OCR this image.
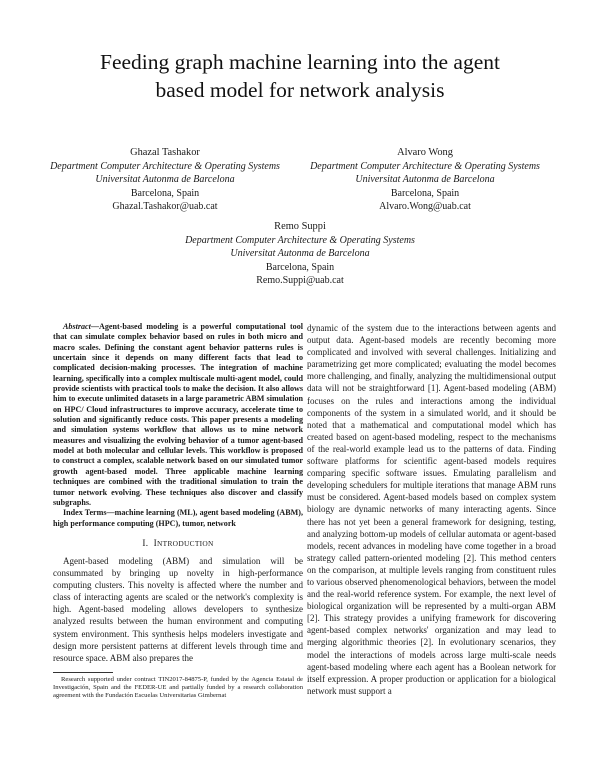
Feeding graph machine learning into the agent
based model for network analysis
Ghazal Tashakor
Department Computer Architecture & Operating Systems
Universitat Autonma de Barcelona
Barcelona, Spain
Ghazal.Tashakor@uab.cat
Alvaro Wong
Department Computer Architecture & Operating Systems
Universitat Autonma de Barcelona
Barcelona, Spain
Alvaro.Wong@uab.cat
Remo Suppi
Department Computer Architecture & Operating Systems
Universitat Autonma de Barcelona
Barcelona, Spain
Remo.Suppi@uab.cat

Abstract—Agent-based modeling is a powerful computational tool that can simulate complex behavior based on rules in both micro and macro scales. Defining the constant agent behavior patterns rules is uncertain since it depends on many different facts that lead to complicated decision-making processes. The integration of machine learning, specifically into a complex multiscale multi-agent model, could provide scientists with practical tools to make the decision. It also allows him to execute unlimited datasets in a large parametric ABM simulation on HPC/ Cloud infrastructures to improve accuracy, accelerate time to solution and significantly reduce costs. This paper presents a modeling and simulation systems workflow that allows us to mine network measures and visualizing the evolving behavior of a tumor agent-based model at both molecular and cellular levels. This workflow is proposed to construct a complex, scalable network based on our simulated tumor growth agent-based model. Three applicable machine learning techniques are combined with the traditional simulation to train the tumor network evolving. These techniques also discover and classify subgraphs.

Index Terms—machine learning (ML), agent based modeling (ABM), high performance computing (HPC), tumor, network

I. INTRODUCTION

Agent-based modeling (ABM) and simulation will be consummated by bringing up novelty in high-performance computing clusters. This novelty is affected where the number and class of interacting agents are scaled or the network's complexity is high. Agent-based modeling allows developers to synthesize analyzed results between the human environment and computing system environment. This synthesis helps modelers investigate and design more persistent patterns at different levels through time and resource space. ABM also prepares the

Research supported under contract TIN2017-84875-P, funded by the Agencia Estatal de Investigación, Spain and the FEDER-UE and partially funded by a research collaboration agreement with the Fundación Escuelas Universitarias Gimbernat

dynamic of the system due to the interactions between agents and output data. Agent-based models are recently becoming more complicated and involved with several challenges. Initializing and parametrizing get more complicated; evaluating the model becomes more challenging, and finally, analyzing the multidimensional output data will not be straightforward [1]. Agent-based modeling (ABM) focuses on the rules and interactions among the individual components of the system in a simulated world, and it should be noted that a mathematical and computational model which has created based on agent-based modeling, respect to the mechanisms of the real-world example lead us to the patterns of data. Finding software platforms for scientific agent-based models requires comparing specific software issues. Emulating parallelism and developing schedulers for multiple iterations that manage ABM runs must be considered. Agent-based models based on complex system biology are dynamic networks of many interacting agents. Since there has not yet been a general framework for designing, testing, and analyzing bottom-up models of cellular automata or agent-based models, recent advances in modeling have come together in a broad strategy called pattern-oriented modeling [2]. This method centers on the comparison, at multiple levels ranging from constituent rules to various observed phenomenological behaviors, between the model and the real-world reference system. For example, the next level of biological organization will be represented by a multi-organ ABM [2]. This strategy provides a unifying framework for discovering agent-based complex networks' organization and may lead to merging algorithmic theories [2]. In evolutionary scenarios, they model the interactions of models across large multi-scale needs agent-based modeling where each agent has a Boolean network for itself expression. A proper production or application for a biological network must support a
